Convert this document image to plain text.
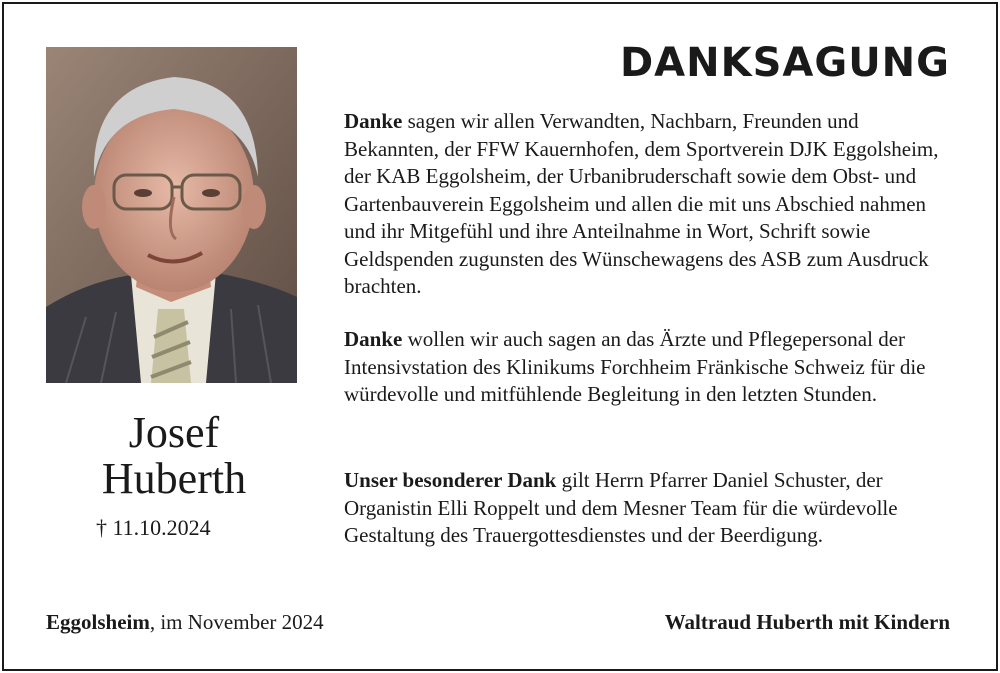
Josef
Huberth
† 11.10.2024
DANKSAGUNG
Danke sagen wir allen Verwandten, Nachbarn, Freunden und Bekannten, der FFW Kauernhofen, dem Sportverein DJK Eggolsheim, der KAB Eggolsheim, der Urbanibruderschaft sowie dem Obst- und Gartenbauverein Eggolsheim und allen die mit uns Abschied nahmen und ihr Mitgefühl und ihre Anteilnahme in Wort, Schrift sowie Geldspenden zugunsten des Wünschewagens des ASB zum Ausdruck brachten.
Danke wollen wir auch sagen an das Ärzte und Pflegepersonal der Intensivstation des Klinikums Forchheim Fränkische Schweiz für die würdevolle und mitfühlende Begleitung in den letzten Stunden.
Unser besonderer Dank gilt Herrn Pfarrer Daniel Schuster, der Organistin Elli Roppelt und dem Mesner Team für die würdevolle Gestaltung des Trauergottesdienstes und der Beerdigung.
Eggolsheim, im November 2024	Waltraud Huberth mit Kindern
